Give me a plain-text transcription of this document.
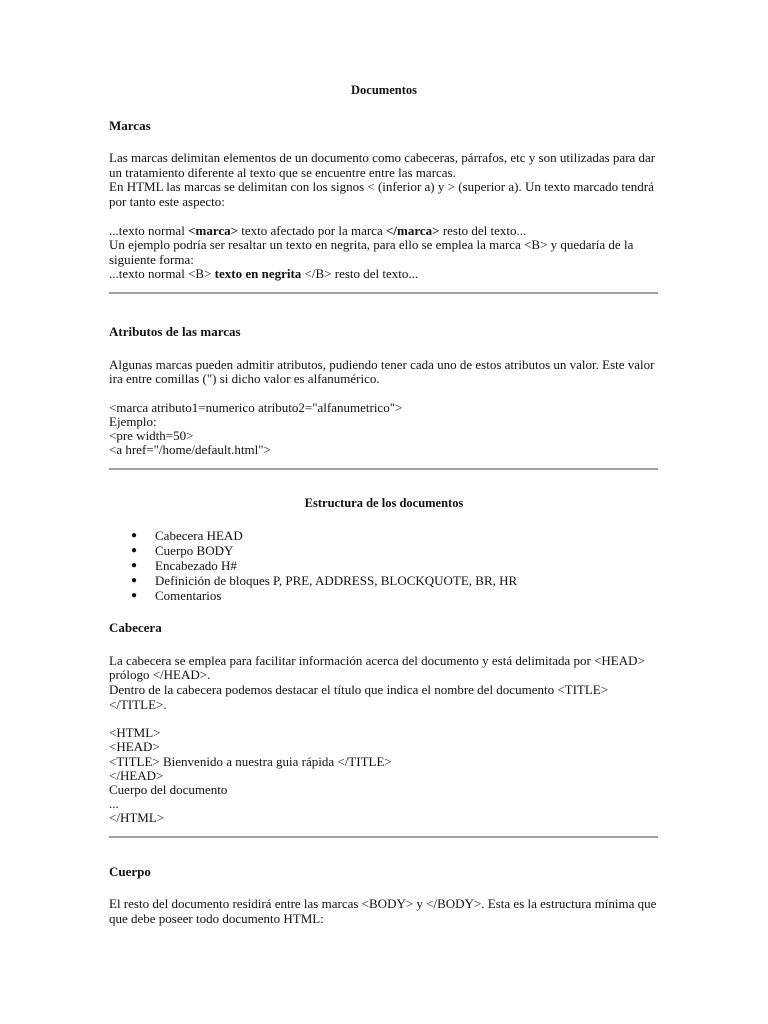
Documentos

Marcas

Las marcas delimitan elementos de un documento como cabeceras, párrafos, etc y son utilizadas para dar un tratamiento diferente al texto que se encuentre entre las marcas.

En HTML las marcas se delimitan con los signos < (inferior a) y > (superior a). Un texto marcado tendrá por tanto este aspecto:

...texto normal <marca> texto afectado por la marca </marca> resto del texto...

Un ejemplo podría ser resaltar un texto en negrita, para ello se emplea la marca <B> y quedaría de la siguiente forma:

...texto normal <B> texto en negrita </B> resto del texto...

Atributos de las marcas

Algunas marcas pueden admitir atributos, pudiendo tener cada uno de estos atributos un valor. Este valor ira entre comillas (") si dicho valor es alfanumérico.

<marca atributo1=numerico atributo2="alfanumetrico">

Ejemplo:

<pre width=50>

<a href="/home/default.html">

Estructura de los documentos

● Cabecera HEAD
● Cuerpo BODY
● Encabezado H#
● Definición de bloques P, PRE, ADDRESS, BLOCKQUOTE, BR, HR
● Comentarios

Cabecera

La cabecera se emplea para facilitar información acerca del documento y está delimitada por <HEAD> prólogo </HEAD>.

Dentro de la cabecera podemos destacar el título que indica el nombre del documento <TITLE> </TITLE>.

<HTML>

<HEAD>

<TITLE> Bienvenido a nuestra guia rápida </TITLE>

</HEAD>

Cuerpo del documento

...

</HTML>

Cuerpo

El resto del documento residirá entre las marcas <BODY> y </BODY>. Esta es la estructura mínima que que debe poseer todo documento HTML:
